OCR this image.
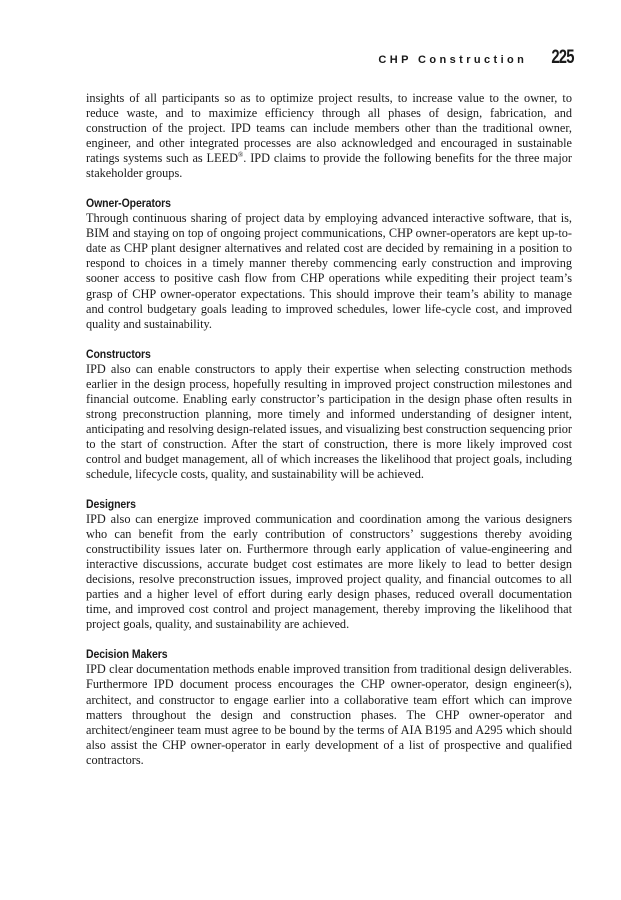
CHP Construction 225

insights of all participants so as to optimize project results, to increase value to the owner, to reduce waste, and to maximize efficiency through all phases of design, fabrication, and construction of the project. IPD teams can include members other than the traditional owner, engineer, and other integrated processes are also acknowledged and encouraged in sustainable ratings systems such as LEED®. IPD claims to provide the following benefits for the three major stakeholder groups.

Owner-Operators

Through continuous sharing of project data by employing advanced interactive software, that is, BIM and staying on top of ongoing project communications, CHP owner-operators are kept up-to-date as CHP plant designer alternatives and related cost are decided by remaining in a position to respond to choices in a timely manner thereby commencing early construction and improving sooner access to positive cash flow from CHP operations while expediting their project team’s grasp of CHP owner-operator expectations. This should improve their team’s ability to manage and control budgetary goals leading to improved schedules, lower life-cycle cost, and improved quality and sustainability.

Constructors

IPD also can enable constructors to apply their expertise when selecting construction methods earlier in the design process, hopefully resulting in improved project construction milestones and financial outcome. Enabling early constructor’s participation in the design phase often results in strong preconstruction planning, more timely and informed understanding of designer intent, anticipating and resolving design-related issues, and visualizing best construction sequencing prior to the start of construction. After the start of construction, there is more likely improved cost control and budget management, all of which increases the likelihood that project goals, including schedule, lifecycle costs, quality, and sustainability will be achieved.

Designers

IPD also can energize improved communication and coordination among the various designers who can benefit from the early contribution of constructors’ suggestions thereby avoiding constructibility issues later on. Furthermore through early application of value-engineering and interactive discussions, accurate budget cost estimates are more likely to lead to better design decisions, resolve preconstruction issues, improved project quality, and financial outcomes to all parties and a higher level of effort during early design phases, reduced overall documentation time, and improved cost control and project management, thereby improving the likelihood that project goals, quality, and sustainability are achieved.

Decision Makers

IPD clear documentation methods enable improved transition from traditional design deliverables. Furthermore IPD document process encourages the CHP owner-operator, design engineer(s), architect, and constructor to engage earlier into a collaborative team effort which can improve matters throughout the design and construction phases. The CHP owner-operator and architect/engineer team must agree to be bound by the terms of AIA B195 and A295 which should also assist the CHP owner-operator in early development of a list of prospective and qualified contractors.
